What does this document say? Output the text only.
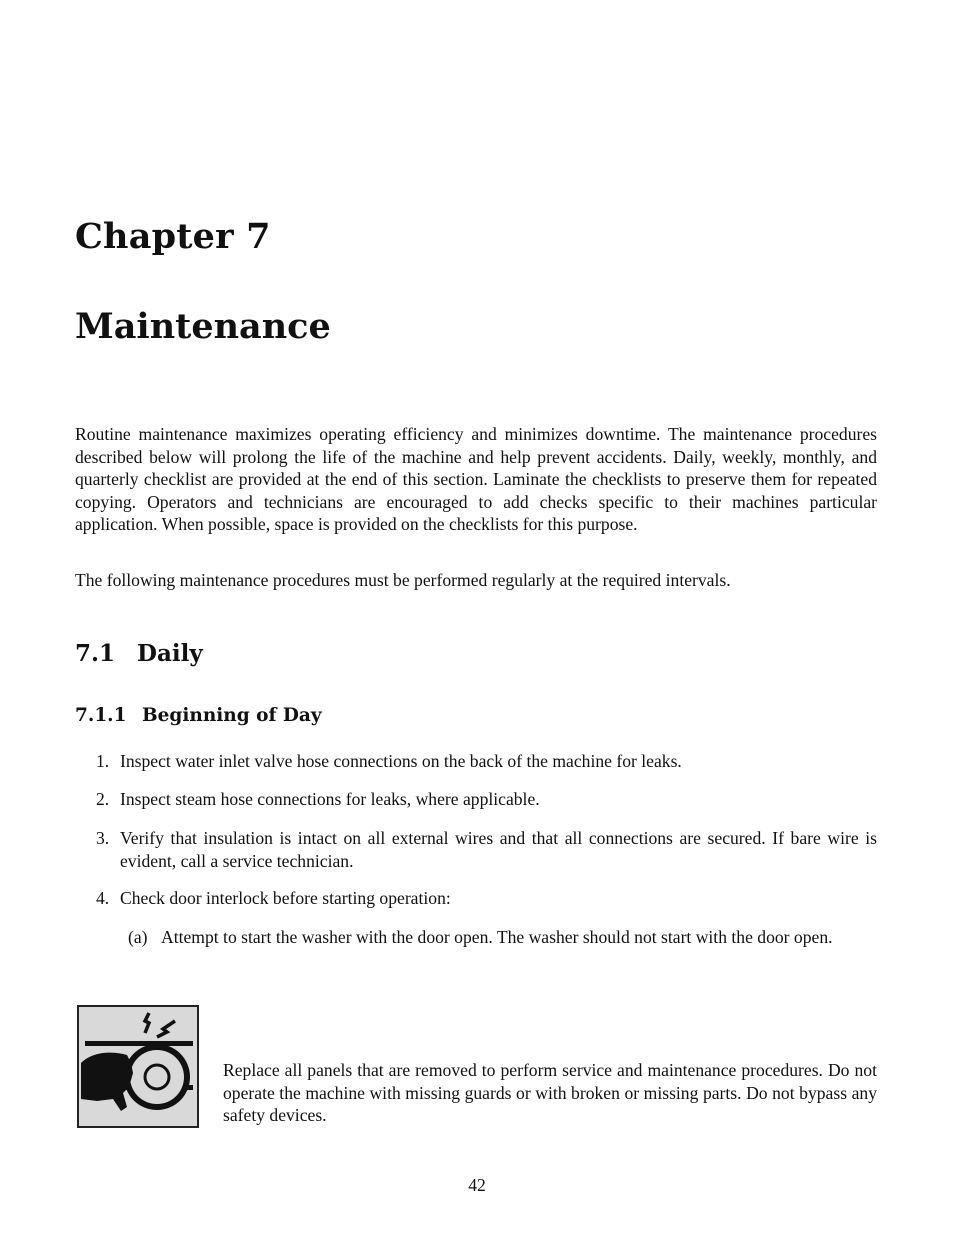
Chapter 7
Maintenance

Routine maintenance maximizes operating efficiency and minimizes downtime. The maintenance procedures described below will prolong the life of the machine and help prevent accidents. Daily, weekly, monthly, and quarterly checklist are provided at the end of this section. Laminate the checklists to preserve them for repeated copying. Operators and technicians are encouraged to add checks specific to their machines particular application. When possible, space is provided on the checklists for this purpose.

The following maintenance procedures must be performed regularly at the required intervals.

7.1 Daily
7.1.1 Beginning of Day
1. Inspect water inlet valve hose connections on the back of the machine for leaks.
2. Inspect steam hose connections for leaks, where applicable.
3. Verify that insulation is intact on all external wires and that all connections are secured. If bare wire is evident, call a service technician.
4. Check door interlock before starting operation:
(a) Attempt to start the washer with the door open. The washer should not start with the door open.

Replace all panels that are removed to perform service and maintenance procedures. Do not operate the machine with missing guards or with broken or missing parts. Do not bypass any safety devices.

42
